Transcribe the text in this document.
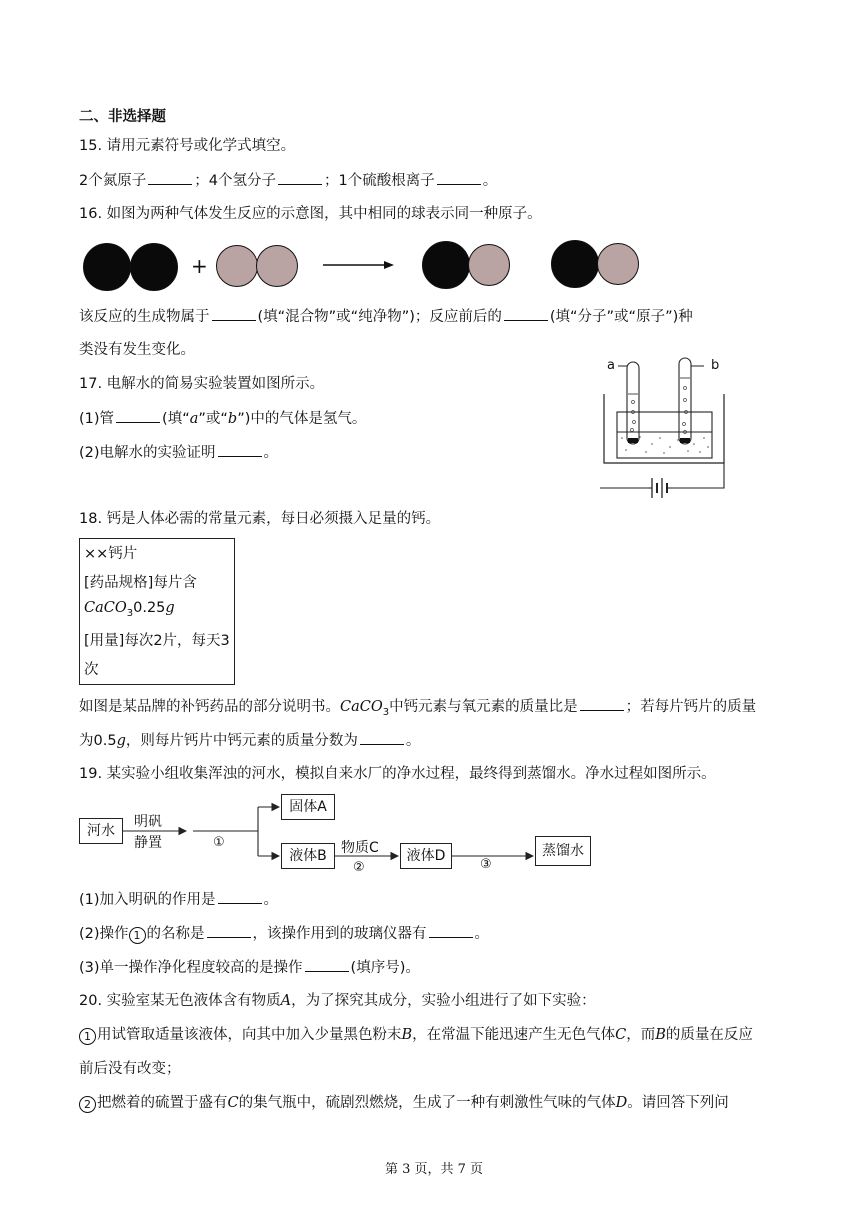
二、非选择题
15. 请用元素符号或化学式填空。
2个氮原子	；4个氢分子	；1个硫酸根离子	。
16. 如图为两种气体发生反应的示意图，其中相同的球表示同一种原子。
+
该反应的生成物属于	(填“混合物”或“纯净物”)；反应前后的	(填“分子”或“原子”)种
类没有发生变化。
17. 电解水的简易实验装置如图所示。
(1)管	(填“a”或“b”)中的气体是氢气。
(2)电解水的实验证明	。
a	b
18. 钙是人体必需的常量元素，每日必须摄入足量的钙。
××钙片
[药品规格]每片含
CaCO$_3$0.25g
[用量]每次2片，每天3
次
如图是某品牌的补钙药品的部分说明书。CaCO$_3$中钙元素与氧元素的质量比是	；若每片钙片的质量
为0.5g，则每片钙片中钙元素的质量分数为	。
19. 某实验小组收集浑浊的河水，模拟自来水厂的净水过程，最终得到蒸馏水。净水过程如图所示。
河水
明矾
静置
固体A
液体B	物质C	液体D	蒸馏水
①
②	③
(1)加入明矾的作用是	。
(2)操作 1 的名称是	，该操作用到的玻璃仪器有	。
(3)单一操作净化程度较高的是操作	(填序号)。
20. 实验室某无色液体含有物质A，为了探究其成分，实验小组进行了如下实验：
1 用试管取适量该液体，向其中加入少量黑色粉末B，在常温下能迅速产生无色气体C，而B的质量在反应
前后没有改变；
2 把燃着的硫置于盛有C的集气瓶中，硫剧烈燃烧，生成了一种有刺激性气味的气体D。请回答下列问
第 3 页，共 7 页
